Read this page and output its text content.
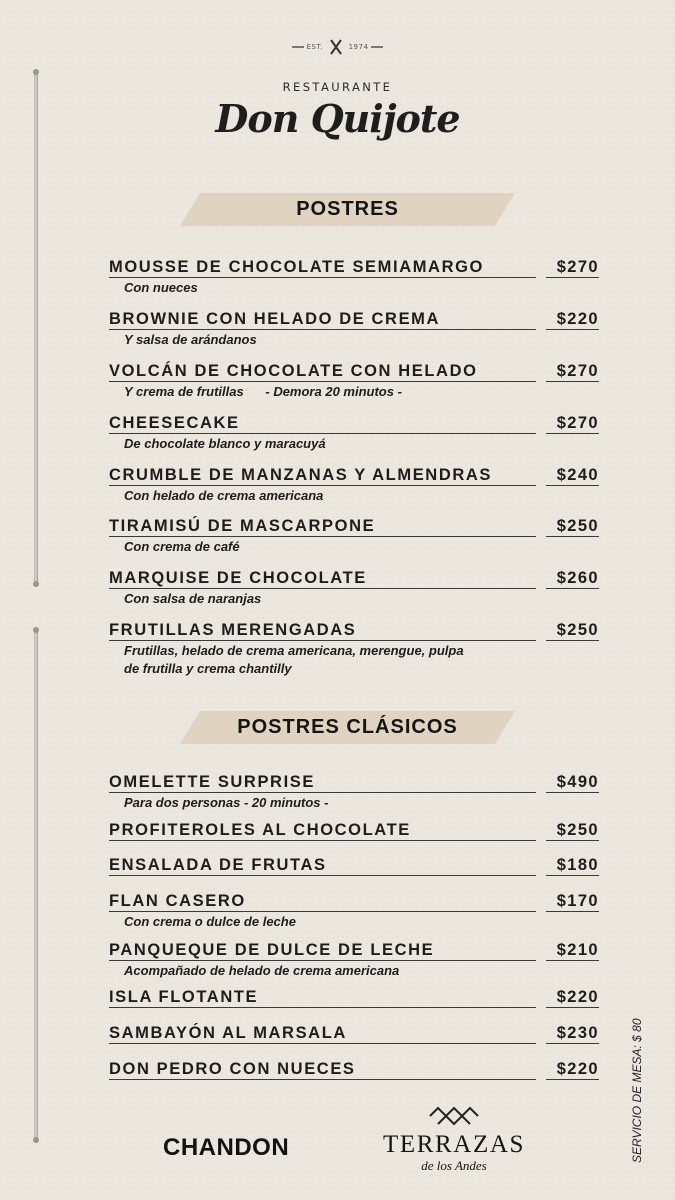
EST.	1974
RESTAURANTE
Don Quijote
POSTRES
MOUSSE DE CHOCOLATE SEMIAMARGO	$270
Con nueces
BROWNIE CON HELADO DE CREMA	$220
Y salsa de arándanos
VOLCÁN DE CHOCOLATE CON HELADO	$270
Y crema de frutillas      - Demora 20 minutos -
CHEESECAKE	$270
De chocolate blanco y maracuyá
CRUMBLE DE MANZANAS Y ALMENDRAS	$240
Con helado de crema americana
TIRAMISÚ DE MASCARPONE	$250
Con crema de café
MARQUISE DE CHOCOLATE	$260
Con salsa de naranjas
FRUTILLAS MERENGADAS	$250
Frutillas, helado de crema americana, merengue, pulpa
de frutilla y crema chantilly
POSTRES CLÁSICOS
OMELETTE SURPRISE	$490
Para dos personas - 20 minutos -
PROFITEROLES AL CHOCOLATE	$250
ENSALADA DE FRUTAS	$180
FLAN CASERO	$170
Con crema o dulce de leche
PANQUEQUE DE DULCE DE LECHE	$210
Acompañado de helado de crema americana
ISLA FLOTANTE	$220
SAMBAYÓN AL MARSALA	$230
DON PEDRO CON NUECES	$220	SERVICIO DE MESA: $ 80
CHANDON	TERRAZAS
de los Andes
